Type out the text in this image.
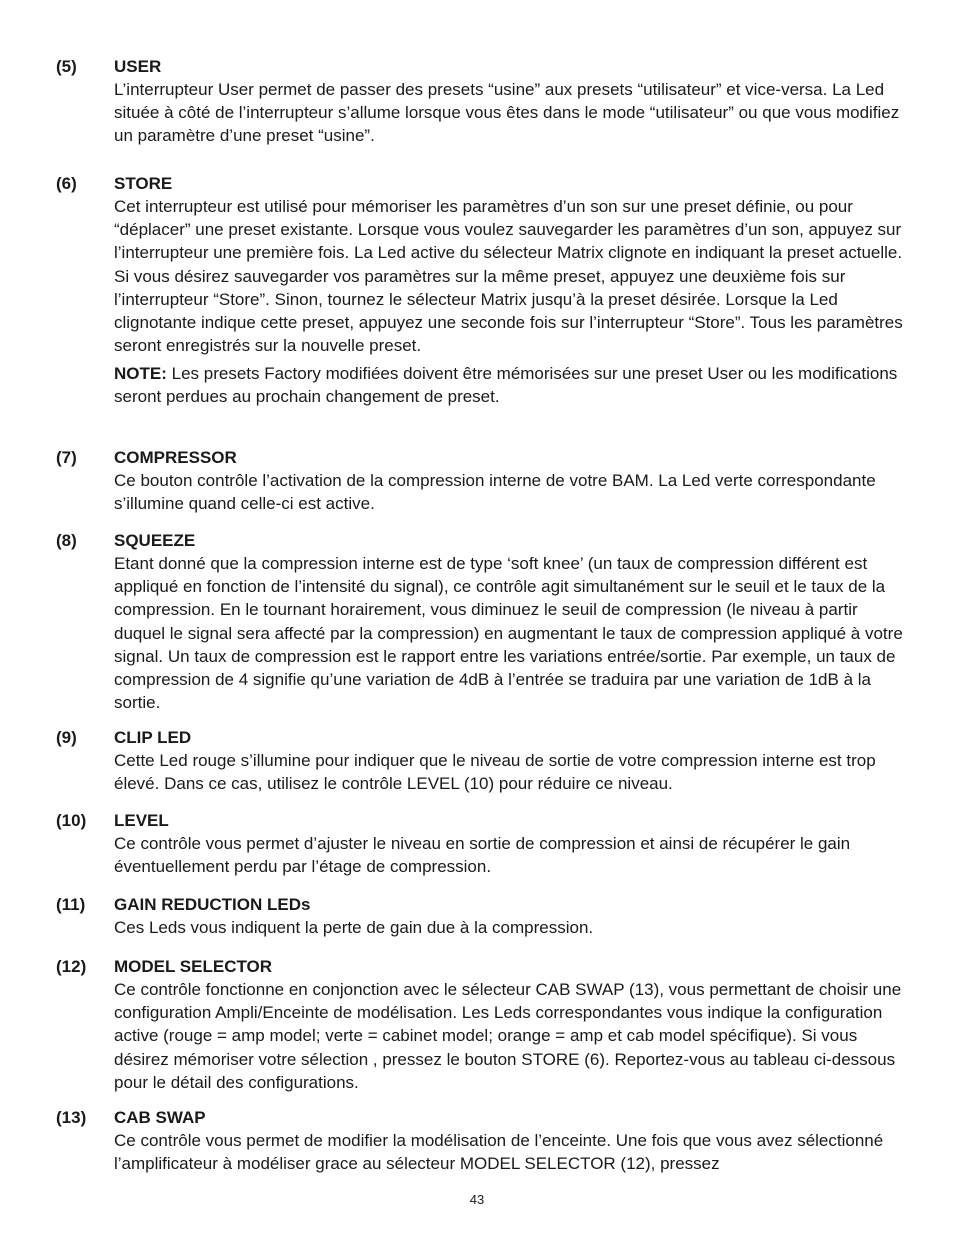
(5) USER

L’interrupteur User permet de passer des presets “usine” aux presets “utilisateur” et vice-versa. La Led située à côté de l’interrupteur s’allume lorsque vous êtes dans le mode “utilisateur” ou que vous modifiez un paramètre d’une preset “usine”.

(6) STORE

Cet interrupteur est utilisé pour mémoriser les paramètres d’un son sur une preset définie, ou pour “déplacer” une preset existante. Lorsque vous voulez sauvegarder les paramètres d’un son, appuyez sur l’interrupteur une première fois. La Led active du sélecteur Matrix clignote en indiquant la preset actuelle. Si vous désirez sauvegarder vos paramètres sur la même preset, appuyez une deuxième fois sur l’interrupteur “Store”. Sinon, tournez le sélecteur Matrix jusqu’à la preset désirée. Lorsque la Led clignotante indique cette preset, appuyez une seconde fois sur l’interrupteur “Store”. Tous les paramètres seront enregistrés sur la nouvelle preset.

NOTE: Les presets Factory modifiées doivent être mémorisées sur une preset User ou les modifications seront perdues au prochain changement de preset.

(7) COMPRESSOR

Ce bouton contrôle l’activation de la compression interne de votre BAM. La Led verte correspondante s’illumine quand celle-ci est active.

(8) SQUEEZE

Etant donné que la compression interne est de type ‘soft knee’ (un taux de compression différent est appliqué en fonction de l’intensité du signal), ce contrôle agit simultanément sur le seuil et le taux de la compression. En le tournant horairement, vous diminuez le seuil de compression (le niveau à partir duquel le signal sera affecté par la compression) en augmentant le taux de compression appliqué à votre signal. Un taux de compression est le rapport entre les variations entrée/sortie. Par exemple, un taux de compression de 4 signifie qu’une variation de 4dB à l’entrée se traduira par une variation de 1dB à la sortie.

(9) CLIP LED

Cette Led rouge s’illumine pour indiquer que le niveau de sortie de votre compression interne est trop élevé. Dans ce cas, utilisez le contrôle LEVEL (10) pour réduire ce niveau.

(10) LEVEL

Ce contrôle vous permet d’ajuster le niveau en sortie de compression et ainsi de récupérer le gain éventuellement perdu par l’étage de compression.

(11) GAIN REDUCTION LEDs

Ces Leds vous indiquent la perte de gain due à la compression.

(12) MODEL SELECTOR

Ce contrôle fonctionne en conjonction avec le sélecteur CAB SWAP (13), vous permettant de choisir une configuration Ampli/Enceinte de modélisation. Les Leds correspondantes vous indique la configuration active (rouge = amp model; verte = cabinet model; orange = amp et cab model spécifique). Si vous désirez mémoriser votre sélection , pressez le bouton STORE (6). Reportez-vous au tableau ci-dessous pour le détail des configurations.

(13) CAB SWAP

Ce contrôle vous permet de modifier la modélisation de l’enceinte. Une fois que vous avez sélectionné l’amplificateur à modéliser grace au sélecteur MODEL SELECTOR (12), pressez

43
